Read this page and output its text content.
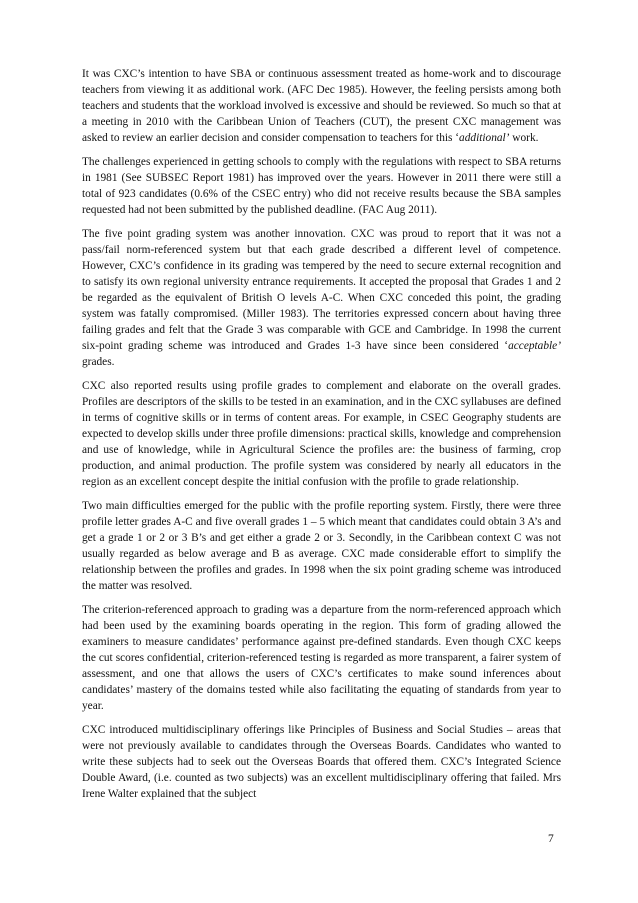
It was CXC’s intention to have SBA or continuous assessment treated as home-work and to discourage teachers from viewing it as additional work. (AFC Dec 1985). However, the feeling persists among both teachers and students that the workload involved is excessive and should be reviewed. So much so that at a meeting in 2010 with the Caribbean Union of Teachers (CUT), the present CXC management was asked to review an earlier decision and consider compensation to teachers for this ‘additional’ work.

The challenges experienced in getting schools to comply with the regulations with respect to SBA returns in 1981 (See SUBSEC Report 1981) has improved over the years. However in 2011 there were still a total of 923 candidates (0.6% of the CSEC entry) who did not receive results because the SBA samples requested had not been submitted by the published deadline. (FAC Aug 2011).

The five point grading system was another innovation. CXC was proud to report that it was not a pass/fail norm-referenced system but that each grade described a different level of competence. However, CXC’s confidence in its grading was tempered by the need to secure external recognition and to satisfy its own regional university entrance requirements. It accepted the proposal that Grades 1 and 2 be regarded as the equivalent of British O levels A-C. When CXC conceded this point, the grading system was fatally compromised. (Miller 1983). The territories expressed concern about having three failing grades and felt that the Grade 3 was comparable with GCE and Cambridge. In 1998 the current six-point grading scheme was introduced and Grades 1-3 have since been considered ‘acceptable’ grades.

CXC also reported results using profile grades to complement and elaborate on the overall grades. Profiles are descriptors of the skills to be tested in an examination, and in the CXC syllabuses are defined in terms of cognitive skills or in terms of content areas. For example, in CSEC Geography students are expected to develop skills under three profile dimensions: practical skills, knowledge and comprehension and use of knowledge, while in Agricultural Science the profiles are: the business of farming, crop production, and animal production. The profile system was considered by nearly all educators in the region as an excellent concept despite the initial confusion with the profile to grade relationship.

Two main difficulties emerged for the public with the profile reporting system. Firstly, there were three profile letter grades A-C and five overall grades 1 – 5 which meant that candidates could obtain 3 A’s and get a grade 1 or 2 or 3 B’s and get either a grade 2 or 3. Secondly, in the Caribbean context C was not usually regarded as below average and B as average. CXC made considerable effort to simplify the relationship between the profiles and grades. In 1998 when the six point grading scheme was introduced the matter was resolved.

The criterion-referenced approach to grading was a departure from the norm-referenced approach which had been used by the examining boards operating in the region. This form of grading allowed the examiners to measure candidates’ performance against pre-defined standards. Even though CXC keeps the cut scores confidential, criterion-referenced testing is regarded as more transparent, a fairer system of assessment, and one that allows the users of CXC’s certificates to make sound inferences about candidates’ mastery of the domains tested while also facilitating the equating of standards from year to year.

CXC introduced multidisciplinary offerings like Principles of Business and Social Studies – areas that were not previously available to candidates through the Overseas Boards. Candidates who wanted to write these subjects had to seek out the Overseas Boards that offered them. CXC’s Integrated Science Double Award, (i.e. counted as two subjects) was an excellent multidisciplinary offering that failed. Mrs Irene Walter explained that the subject

7
